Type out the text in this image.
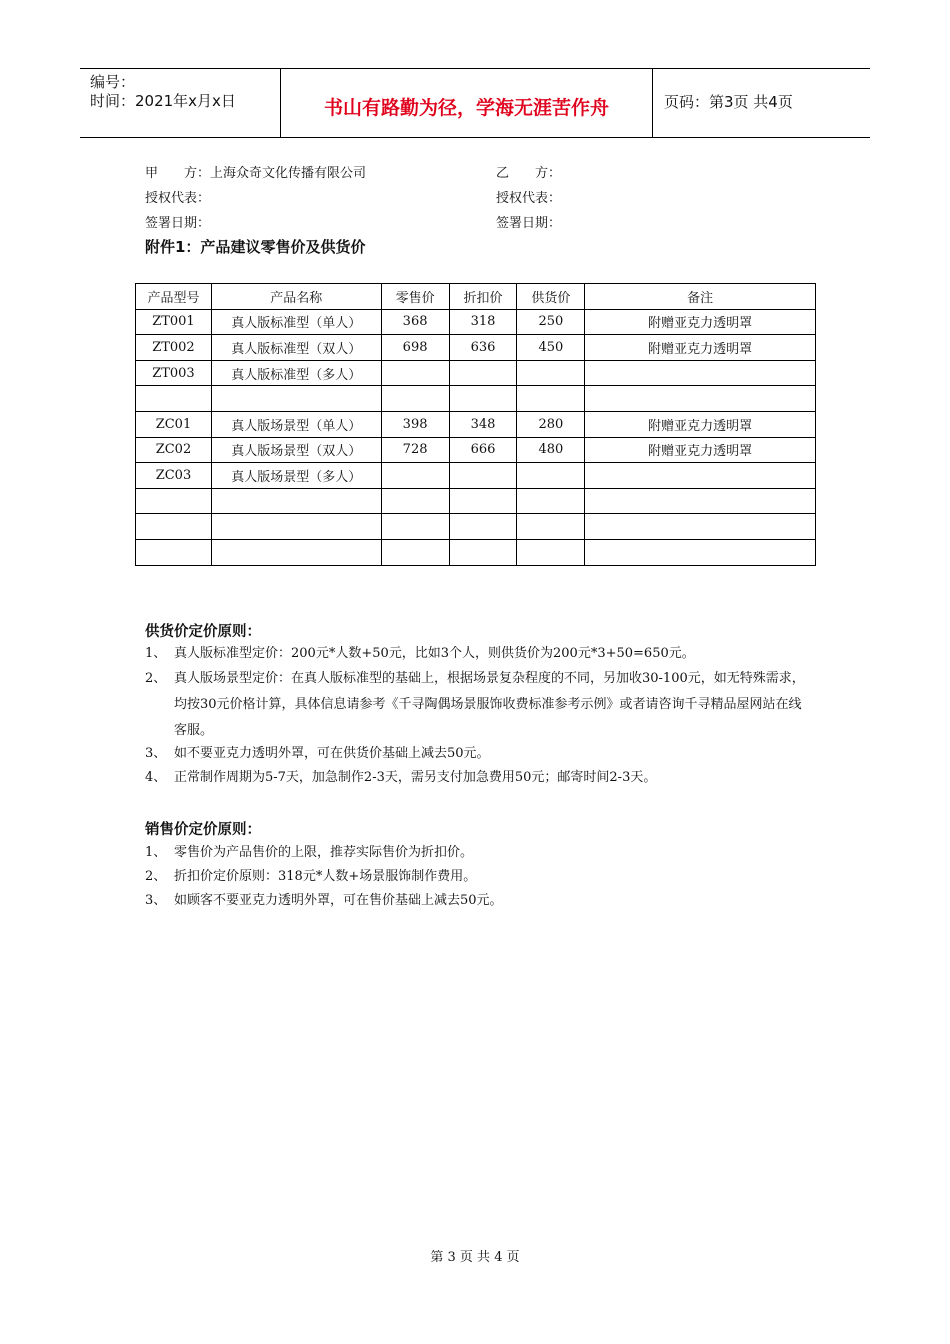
编号：
时间：2021年x月x日	书山有路勤为径，学海无涯苦作舟	页码：第3页 共4页
甲　　方：上海众奇文化传播有限公司	乙　　方：
授权代表：	授权代表：
签署日期：	签署日期：
附件1：产品建议零售价及供货价
产品型号	产品名称	零售价	折扣价	供货价	备注
ZT001	真人版标准型（单人）	368	318	250	附赠亚克力透明罩
ZT002	真人版标准型（双人）	698	636	450	附赠亚克力透明罩
ZT003	真人版标准型（多人）				

ZC01	真人版场景型（单人）	398	348	280	附赠亚克力透明罩
ZC02	真人版场景型（双人）	728	666	480	附赠亚克力透明罩
ZC03	真人版场景型（多人）				

供货价定价原则：
1、 真人版标准型定价：200元*人数+50元，比如3个人，则供货价为200元*3+50=650元。
2、 真人版场景型定价：在真人版标准型的基础上，根据场景复杂程度的不同，另加收30-100元，如无特殊需求，均按30元价格计算，具体信息请参考《千寻陶偶场景服饰收费标准参考示例》或者请咨询千寻精品屋网站在线客服。
3、 如不要亚克力透明外罩，可在供货价基础上减去50元。
4、 正常制作周期为5-7天，加急制作2-3天，需另支付加急费用50元；邮寄时间2-3天。
销售价定价原则：
1、 零售价为产品售价的上限，推荐实际售价为折扣价。
2、 折扣价定价原则：318元*人数+场景服饰制作费用。
3、 如顾客不要亚克力透明外罩，可在售价基础上减去50元。
第 3 页 共 4 页
